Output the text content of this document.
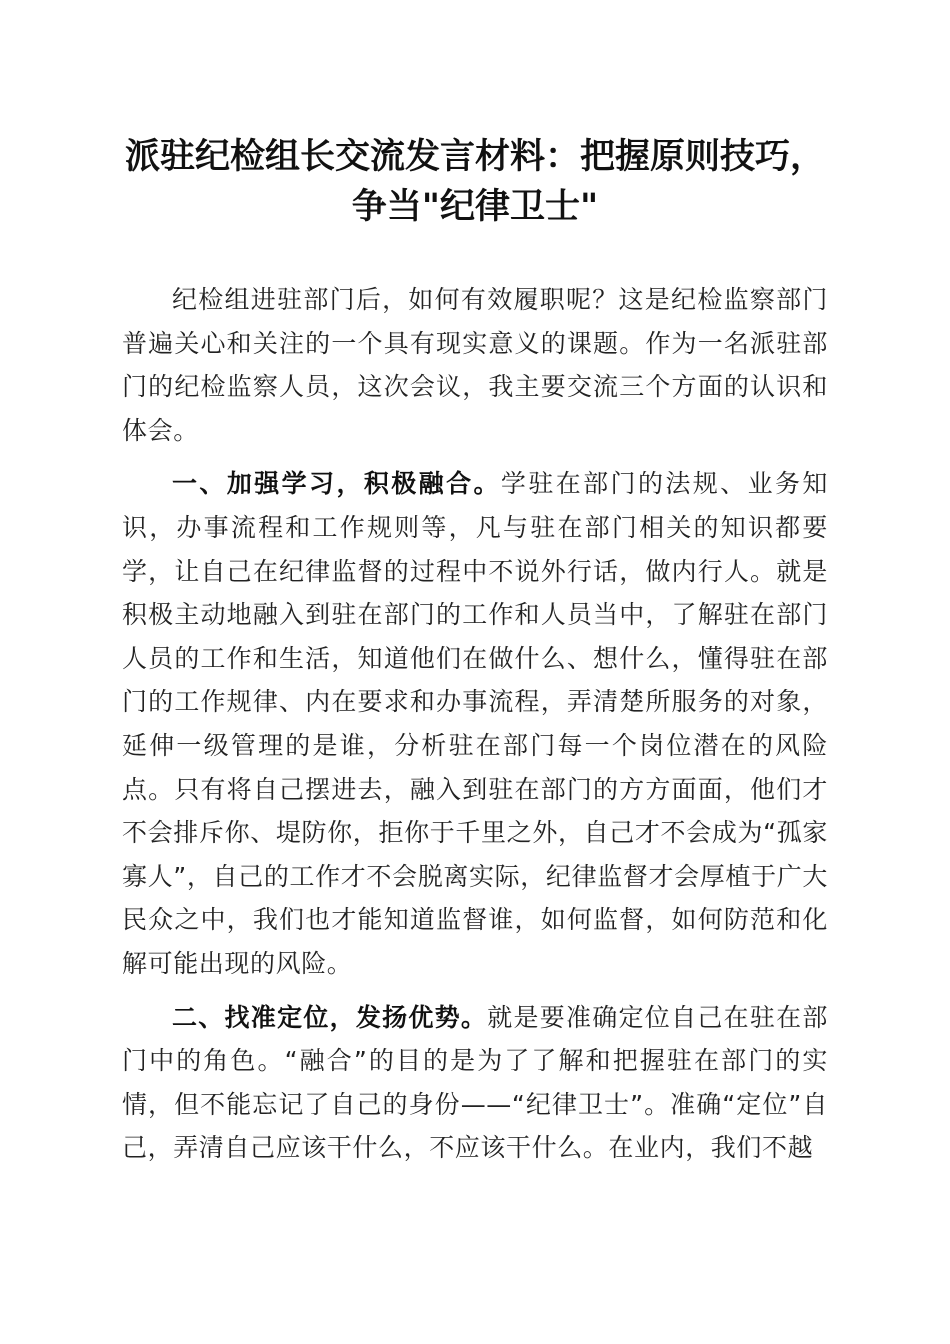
派驻纪检组长交流发言材料：把握原则技巧，
争当"纪律卫士"

纪检组进驻部门后，如何有效履职呢？这是纪检监察部门普遍关心和关注的一个具有现实意义的课题。作为一名派驻部门的纪检监察人员，这次会议，我主要交流三个方面的认识和体会。

一、加强学习，积极融合。学驻在部门的法规、业务知识，办事流程和工作规则等，凡与驻在部门相关的知识都要学，让自己在纪律监督的过程中不说外行话，做内行人。就是积极主动地融入到驻在部门的工作和人员当中，了解驻在部门人员的工作和生活，知道他们在做什么、想什么，懂得驻在部门的工作规律、内在要求和办事流程，弄清楚所服务的对象，延伸一级管理的是谁，分析驻在部门每一个岗位潜在的风险点。只有将自己摆进去，融入到驻在部门的方方面面，他们才不会排斥你、堤防你，拒你于千里之外，自己才不会成为“孤家寡人”，自己的工作才不会脱离实际，纪律监督才会厚植于广大民众之中，我们也才能知道监督谁，如何监督，如何防范和化解可能出现的风险。

二、找准定位，发扬优势。就是要准确定位自己在驻在部门中的角色。“融合”的目的是为了了解和把握驻在部门的实情，但不能忘记了自己的身份——“纪律卫士”。准确“定位”自己，弄清自己应该干什么，不应该干什么。在业内，我们不越
